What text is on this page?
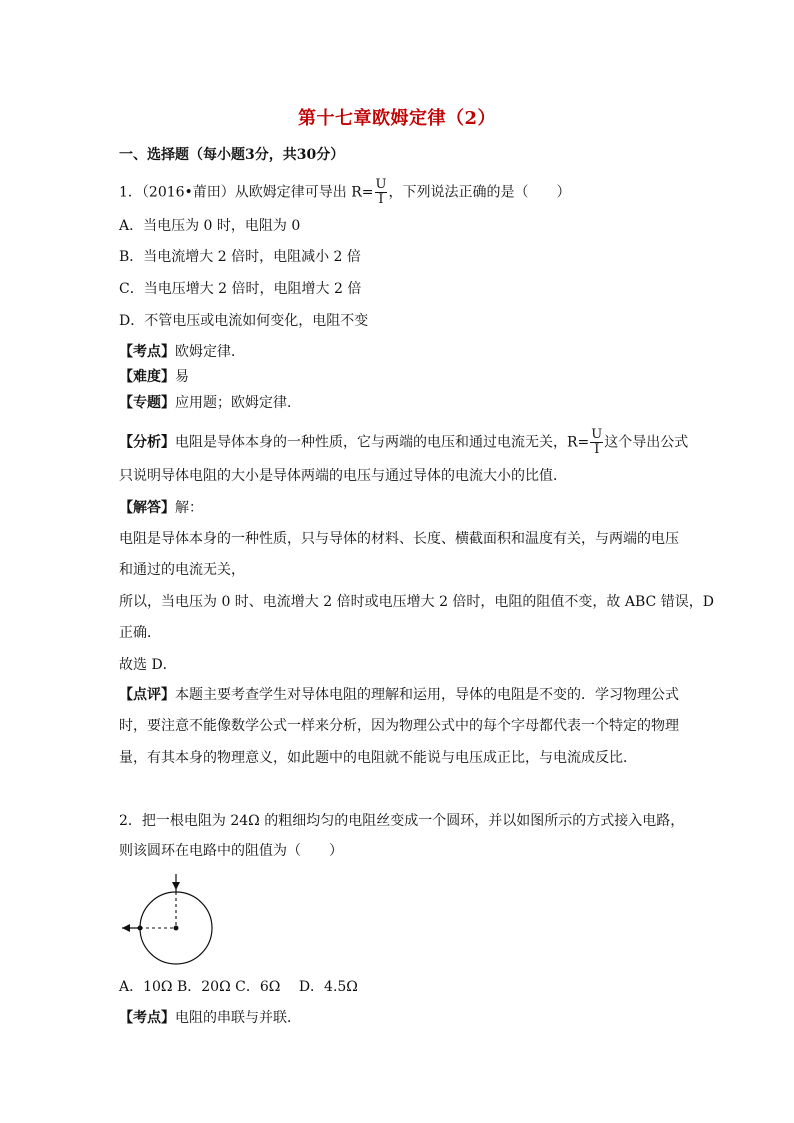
第十七章欧姆定律（2）
一、选择题（每小题3分，共30分）
1．（2016•莆田）从欧姆定律可导出 $R= \frac{U}{I}$ ，下列说法正确的是（　　）
A．当电压为 0 时，电阻为 0
B．当电流增大 2 倍时，电阻减小 2 倍
C．当电压增大 2 倍时，电阻增大 2 倍
D．不管电压或电流如何变化，电阻不变
【考点】欧姆定律．
【难度】易
【专题】应用题；欧姆定律．
【分析】电阻是导体本身的一种性质，它与两端的电压和通过电流无关，$R= \frac{U}{I}$ 这个导出公式
只说明导体电阻的大小是导体两端的电压与通过导体的电流大小的比值．
【解答】解：
电阻是导体本身的一种性质，只与导体的材料、长度、横截面积和温度有关，与两端的电压
和通过的电流无关，
所以，当电压为 0 时、电流增大 2 倍时或电压增大 2 倍时，电阻的阻值不变，故 ABC 错误，D
正确．
故选 D．
【点评】本题主要考查学生对导体电阻的理解和运用，导体的电阻是不变的．学习物理公式
时，要注意不能像数学公式一样来分析，因为物理公式中的每个字母都代表一个特定的物理
量，有其本身的物理意义，如此题中的电阻就不能说与电压成正比，与电流成反比．
2．把一根电阻为 24Ω 的粗细均匀的电阻丝变成一个圆环，并以如图所示的方式接入电路，
则该圆环在电路中的阻值为（　　）
A．10Ω B．20Ω C．6Ω　 D．4.5Ω
【考点】电阻的串联与并联．
